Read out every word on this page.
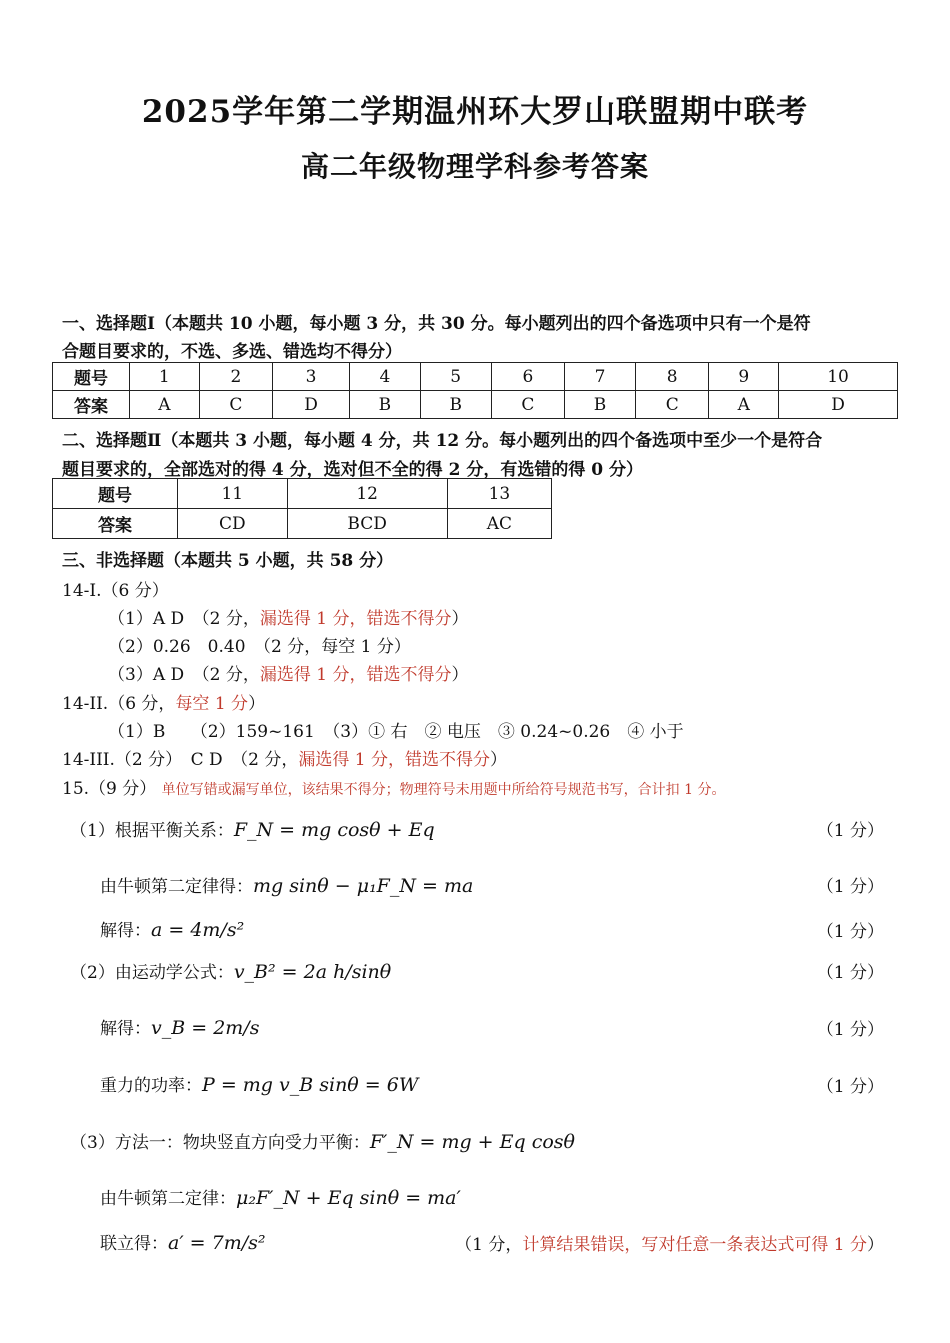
2025学年第二学期温州环大罗山联盟期中联考
高二年级物理学科参考答案
一、选择题Ⅰ（本题共 10 小题，每小题 3 分，共 30 分。每小题列出的四个备选项中只有一个是符
合题目要求的，不选、多选、错选均不得分）
题号	1	2	3	4	5	6	7	8	9	10
答案	A	C	D	B	B	C	B	C	A	D
二、选择题Ⅱ（本题共 3 小题，每小题 4 分，共 12 分。每小题列出的四个备选项中至少一个是符合
题目要求的，全部选对的得 4 分，选对但不全的得 2 分，有选错的得 0 分）
题号	11	12	13
答案	CD	BCD	AC
三、非选择题（本题共 5 小题，共 58 分）
14-I.（6 分）
（1）A D　（2 分，漏选得 1 分，错选不得分）
（2）0.26　0.40　（2 分，每空 1 分）
（3）A D　（2 分，漏选得 1 分，错选不得分）
14-II.（6 分，每空 1 分）
（1）B　　（2）159~161　（3）① 右　② 电压　③ 0.24~0.26　④ 小于
14-III.（2 分）　C D　（2 分，漏选得 1 分，错选不得分）
15.（9 分） 单位写错或漏写单位，该结果不得分；物理符号未用题中所给符号规范书写，合计扣 1 分。
（1）根据平衡关系：F_N = mg cosθ + Eq	（1 分）
由牛顿第二定律得：mg sinθ − μ₁F_N = ma	（1 分）
解得：a = 4m/s²	（1 分）
（2）由运动学公式：v_B² = 2a h/sinθ	（1 分）
解得：v_B = 2m/s	（1 分）
重力的功率：P = mg v_B sinθ = 6W	（1 分）
（3）方法一：物块竖直方向受力平衡：F′_N = mg + Eq cosθ
由牛顿第二定律：μ₂F′_N + Eq sinθ = ma′
联立得：a′ = 7m/s²	（1 分，计算结果错误，写对任意一条表达式可得 1 分）
